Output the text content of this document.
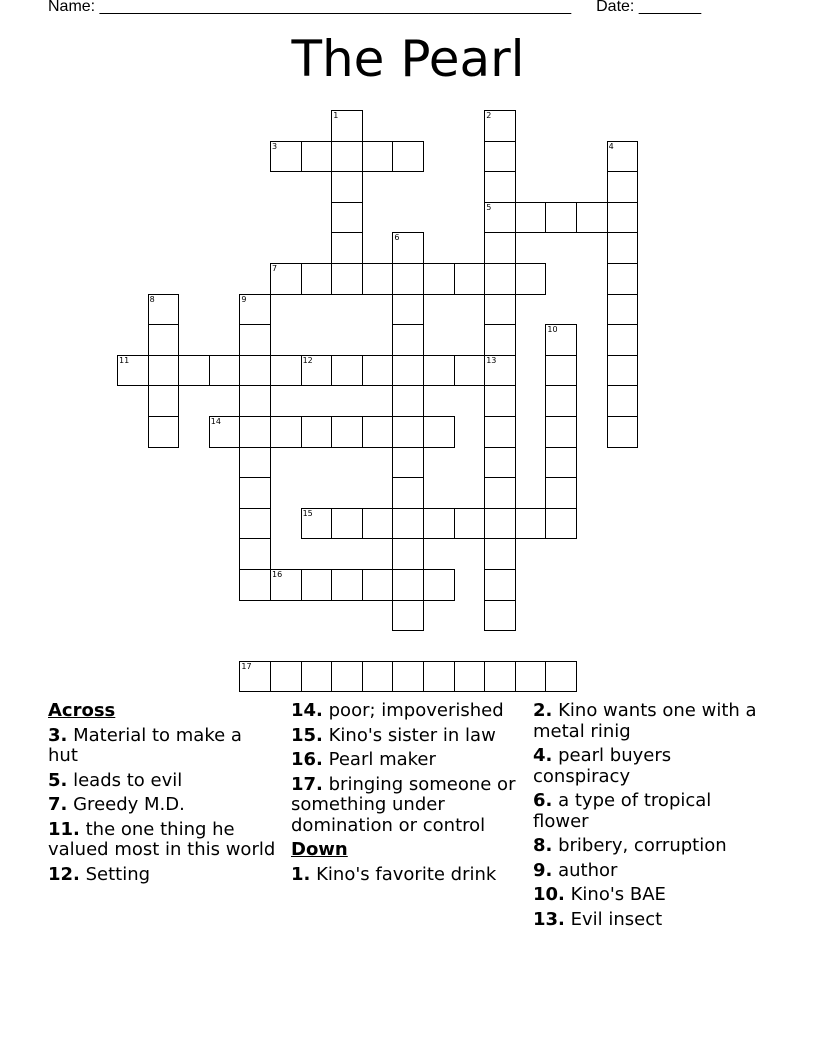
Name: _____________________________________________________ Date: _______
The Pearl
1	2
5
3	4
6
7
8	9
10
11	12	13
14
15
16
17
Across
3. Material to make a hut
5. leads to evil
7. Greedy M.D.
11. the one thing he valued most in this world
12. Setting
14. poor; impoverished
15. Kino's sister in law
16. Pearl maker
17. bringing someone or something under domination or control
Down
1. Kino's favorite drink
2. Kino wants one with a metal rinig
4. pearl buyers conspiracy
6. a type of tropical flower
8. bribery, corruption
9. author
10. Kino's BAE
13. Evil insect
